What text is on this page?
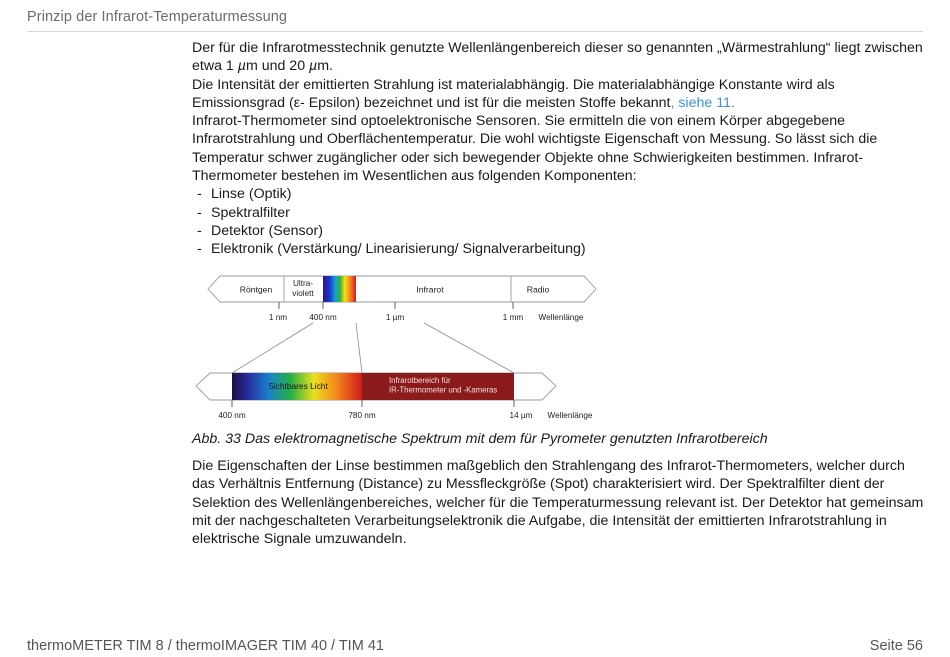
Prinzip der Infrarot-Temperaturmessung

Der für die Infrarotmesstechnik genutzte Wellenlängenbereich dieser so genannten „Wärmestrahlung“ liegt zwischen etwa 1 µm und 20 µm.

Die Intensität der emittierten Strahlung ist materialabhängig. Die materialabhängige Konstante wird als Emissionsgrad (ε- Epsilon) bezeichnet und ist für die meisten Stoffe bekannt, siehe 11.

Infrarot-Thermometer sind optoelektronische Sensoren. Sie ermitteln die von einem Körper abgegebene Infrarotstrahlung und Oberflächentemperatur. Die wohl wichtigste Eigenschaft von Messung. So lässt sich die Temperatur schwer zugänglicher oder sich bewegender Objekte ohne Schwierigkeiten bestimmen. Infrarot-Thermometer bestehen im Wesentlichen aus folgenden Komponenten:

- Linse (Optik)
- Spektralfilter
- Detektor (Sensor)
- Elektronik (Verstärkung/ Linearisierung/ Signalverarbeitung)
Röntgen
Ultra-
violett	Infrarot	Radio
1 nm	400 nm	1 µm	1 mm Wellenlänge
Sichtbares Licht
Infrarotbereich für
IR-Thermometer und -Kameras
400 nm	780 nm	14 µm Wellenlänge
Abb. 33 Das elektromagnetische Spektrum mit dem für Pyrometer genutzten Infrarotbereich

Die Eigenschaften der Linse bestimmen maßgeblich den Strahlengang des Infrarot-Thermometers, welcher durch das Verhältnis Entfernung (Distance) zu Messfleckgröße (Spot) charakterisiert wird. Der Spektralfilter dient der Selektion des Wellenlängenbereiches, welcher für die Temperaturmessung relevant ist. Der Detektor hat gemeinsam mit der nachgeschalteten Verarbeitungselektronik die Aufgabe, die Intensität der emittierten Infrarotstrahlung in elektrische Signale umzuwandeln.

thermoMETER TIM 8 / thermoIMAGER TIM 40 / TIM 41	Seite 56
